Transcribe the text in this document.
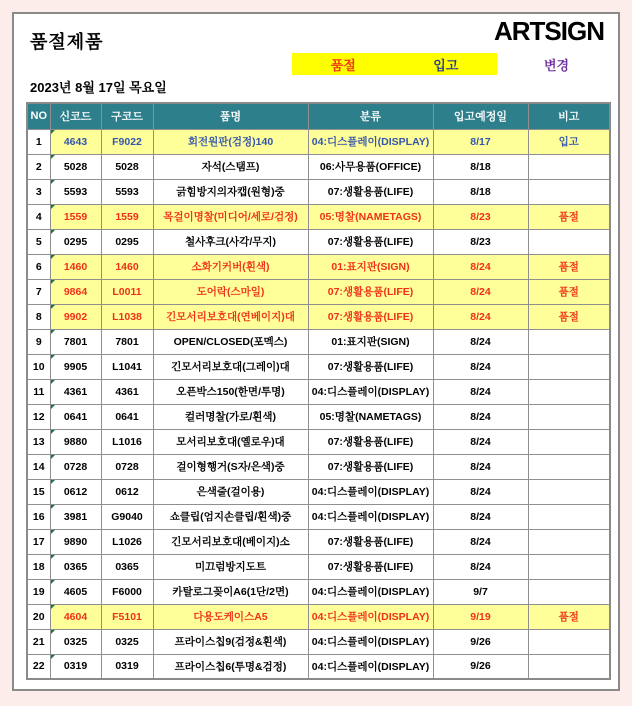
품절제품	ARTSIGN
품절	입고	변경
2023년 8월 17일 목요일
NO	신코드	구코드	품명	분류	입고예정일	비고
1	4643	F9022	회전원판(검정)140	04:디스플레이(DISPLAY)	8/17	입고
2	5028	5028	자석(스탬프)	06:사무용품(OFFICE)	8/18	
3	5593	5593	긁힘방지의자캡(원형)중	07:생활용품(LIFE)	8/18	
4	1559	1559	목걸이명찰(미디어/세로/검정)	05:명찰(NAMETAGS)	8/23	품절
5	0295	0295	철사후크(사각/무지)	07:생활용품(LIFE)	8/23	
6	1460	1460	소화기커버(흰색)	01:표지판(SIGN)	8/24	품절
7	9864	L0011	도어락(스마일)	07:생활용품(LIFE)	8/24	품절
8	9902	L1038	긴모서리보호대(연베이지)대	07:생활용품(LIFE)	8/24	품절
9	7801	7801	OPEN/CLOSED(포멕스)	01:표지판(SIGN)	8/24	
10	9905	L1041	긴모서리보호대(그레이)대	07:생활용품(LIFE)	8/24	
11	4361	4361	오픈박스150(한면/투명)	04:디스플레이(DISPLAY)	8/24	
12	0641	0641	컬러명찰(가로/흰색)	05:명찰(NAMETAGS)	8/24	
13	9880	L1016	모서리보호대(옐로우)대	07:생활용품(LIFE)	8/24	
14	0728	0728	걸이형행거(S자/은색)중	07:생활용품(LIFE)	8/24	
15	0612	0612	은색줄(걸이용)	04:디스플레이(DISPLAY)	8/24	
16	3981	G9040	쇼클립(엄지손클립/흰색)중	04:디스플레이(DISPLAY)	8/24	
17	9890	L1026	긴모서리보호대(베이지)소	07:생활용품(LIFE)	8/24	
18	0365	0365	미끄럼방지도트	07:생활용품(LIFE)	8/24	
19	4605	F6000	카탈로그꽂이A6(1단/2면)	04:디스플레이(DISPLAY)	9/7	
20	4604	F5101	다용도케이스A5	04:디스플레이(DISPLAY)	9/19	품절
21	0325	0325	프라이스칩9(검정&흰색)	04:디스플레이(DISPLAY)	9/26	
22	0319	0319	프라이스칩6(투명&검정)	04:디스플레이(DISPLAY)	9/26	
